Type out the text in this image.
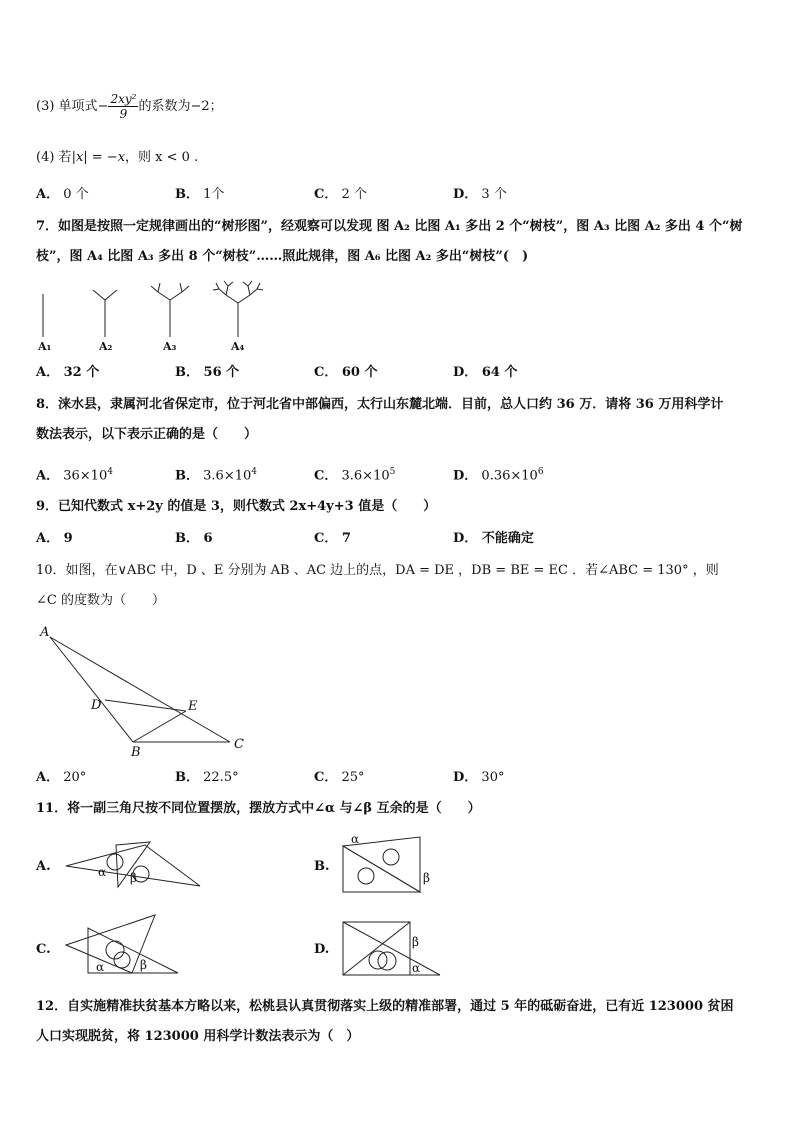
(3) 单项式− $\frac{\text{2xy²}}{9}$ 的系数为−2；
(4) 若|x| = −x，则 x < 0 .
A． 0 个	B． 1个	C． 2 个	D． 3 个
7．如图是按照一定规律画出的“树形图”，经观察可以发现 图 A₂ 比图 A₁ 多出 2 个“树枝”，图 A₃ 比图 A₂ 多出 4 个“树
枝”，图 A₄ 比图 A₃ 多出 8 个“树枝”……照此规律，图 A₆ 比图 A₂ 多出“树枝”(　)
A₁	A₂	A₃	A₄
A． 32 个	B． 56 个	C． 60 个	D． 64 个
8．涞水县，隶属河北省保定市，位于河北省中部偏西，太行山东麓北端．目前，总人口约 36 万．请将 36 万用科学计
数法表示，以下表示正确的是（　　）
A． $36\times 10^4$	B． $3.6\times 10^4$	C． $3.6\times 10^5$	D． $0.36\times 10^6$
9．已知代数式 x+2y 的值是 3，则代数式 2x+4y+3 值是（　　）
A． 9	B． 6	C． 7	D． 不能确定
10．如图，在∨ABC 中，D 、E 分别为 AB 、AC 边上的点，DA = DE ，DB = BE = EC ．若∠ABC = 130° ，则
∠C 的度数为（　　）
A
B
C
D	E
A． 20°	B． 22.5°	C． 25°	D． 30°
11．将一副三角尺按不同位置摆放，摆放方式中∠α 与∠β 互余的是（　　）
A.	B.
C.	D.
α β
α
β
α	β
β
α
12．自实施精准扶贫基本方略以来，松桃县认真贯彻落实上级的精准部署，通过 5 年的砥砺奋进，已有近 123000 贫困
人口实现脱贫，将 123000 用科学计数法表示为（　）
